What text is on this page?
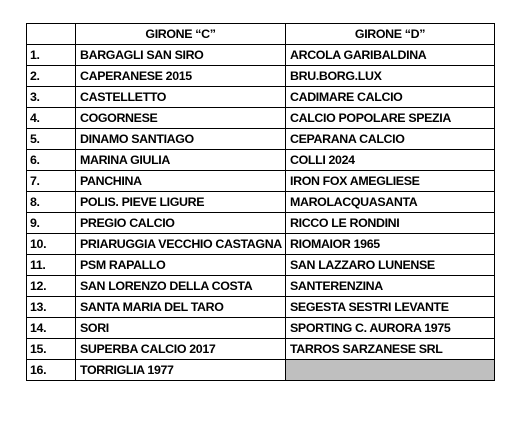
	GIRONE “C”	GIRONE “D”
1.	BARGAGLI SAN SIRO	ARCOLA GARIBALDINA
2.	CAPERANESE 2015	BRU.BORG.LUX
3.	CASTELLETTO	CADIMARE CALCIO
4.	COGORNESE	CALCIO POPOLARE SPEZIA
5.	DINAMO SANTIAGO	CEPARANA CALCIO
6.	MARINA GIULIA	COLLI 2024
7.	PANCHINA	IRON FOX AMEGLIESE
8.	POLIS. PIEVE LIGURE	MAROLACQUASANTA
9.	PREGIO CALCIO	RICCO LE RONDINI
10.	PRIARUGGIA VECCHIO CASTAGNA	RIOMAIOR 1965
11.	PSM RAPALLO	SAN LAZZARO LUNENSE
12.	SAN LORENZO DELLA COSTA	SANTERENZINA
13.	SANTA MARIA DEL TARO	SEGESTA SESTRI LEVANTE
14.	SORI	SPORTING C. AURORA 1975
15.	SUPERBA CALCIO 2017	TARROS SARZANESE SRL
16.	TORRIGLIA 1977	
